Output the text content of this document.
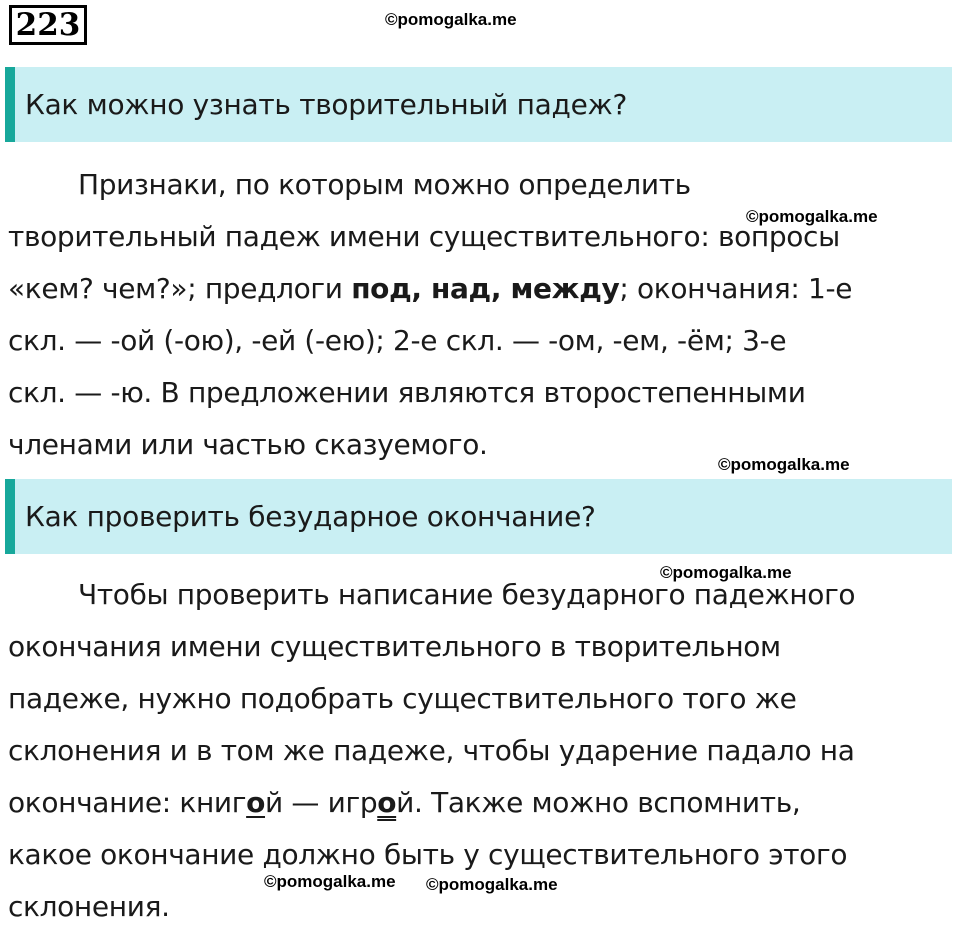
223	©pomogalka.me
Как можно узнать творительный падеж?
Признаки, по которым можно определить
творительный падеж имени существительного: вопросы
«кем? чем?»; предлоги под, над, между; окончания: 1-е
скл. — -ой (-ою), -ей (-ею); 2-е скл. — -ом, -ем, -ём; 3-е
скл. — -ю. В предложении являются второстепенными
членами или частью сказуемого.
©pomogalka.me
©pomogalka.me
Как проверить безударное окончание?
©pomogalka.me
Чтобы проверить написание безударного падежного
окончания имени существительного в творительном
падеже, нужно подобрать существительного того же
склонения и в том же падеже, чтобы ударение падало на
окончание: книгой — игрой. Также можно вспомнить,
какое окончание должно быть у существительного этого
склонения.
©pomogalka.me ©pomogalka.me
